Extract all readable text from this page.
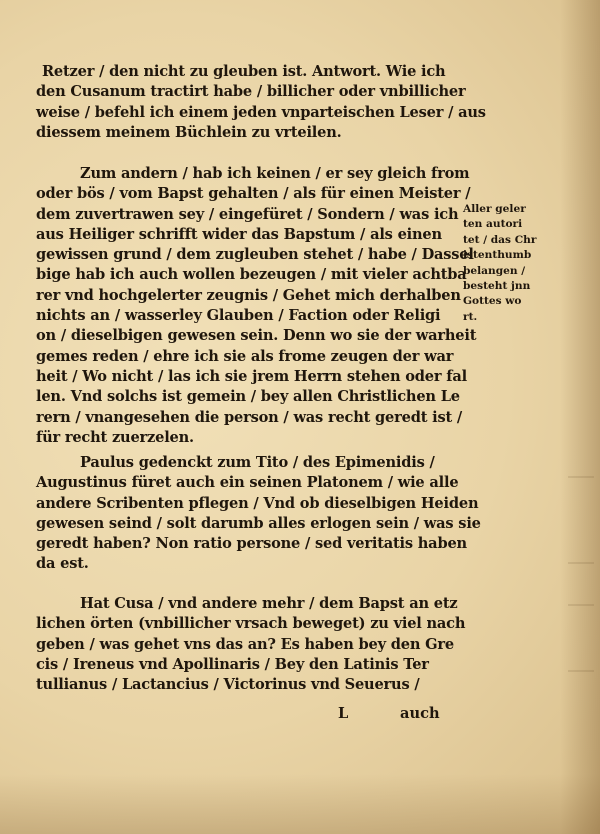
Retzer / den nicht zu gleuben ist. Antwort. Wie ich
den Cusanum tractirt habe / billicher oder vnbillicher
weise / befehl ich einem jeden vnparteischen Leser / aus
diessem meinem Büchlein zu vrteilen.
Zum andern / hab ich keinen / er sey gleich from
oder bös / vom Bapst gehalten / als für einen Meister /
dem zuvertrawen sey / eingefüret / Sondern / was ich
aus Heiliger schrifft wider das Bapstum / als einen
gewissen grund / dem zugleuben stehet / habe / Dassel
bige hab ich auch wollen bezeugen / mit vieler achtba
rer vnd hochgelerter zeugnis / Gehet mich derhalben
nichts an / wasserley Glauben / Faction oder Religi
on / dieselbigen gewesen sein. Denn wo sie der warheit
gemes reden / ehre ich sie als frome zeugen der war
heit / Wo nicht / las ich sie jrem Herrn stehen oder fal
len. Vnd solchs ist gemein / bey allen Christlichen Le
rern / vnangesehen die person / was recht geredt ist /
für recht zuerzelen.
Aller geler
ten autori
tet / das Chr
istenthumb
belangen /
besteht jnn
Gottes wo
rt.
Paulus gedenckt zum Tito / des Epimenidis /
Augustinus füret auch ein seinen Platonem / wie alle
andere Scribenten pflegen / Vnd ob dieselbigen Heiden
gewesen seind / solt darumb alles erlogen sein / was sie
geredt haben? Non ratio persone / sed veritatis haben
da est.
Hat Cusa / vnd andere mehr / dem Bapst an etz
lichen örten (vnbillicher vrsach beweget) zu viel nach
geben / was gehet vns das an? Es haben bey den Gre
cis / Ireneus vnd Apollinaris / Bey den Latinis Ter
tullianus / Lactancius / Victorinus vnd Seuerus /
L	auch
